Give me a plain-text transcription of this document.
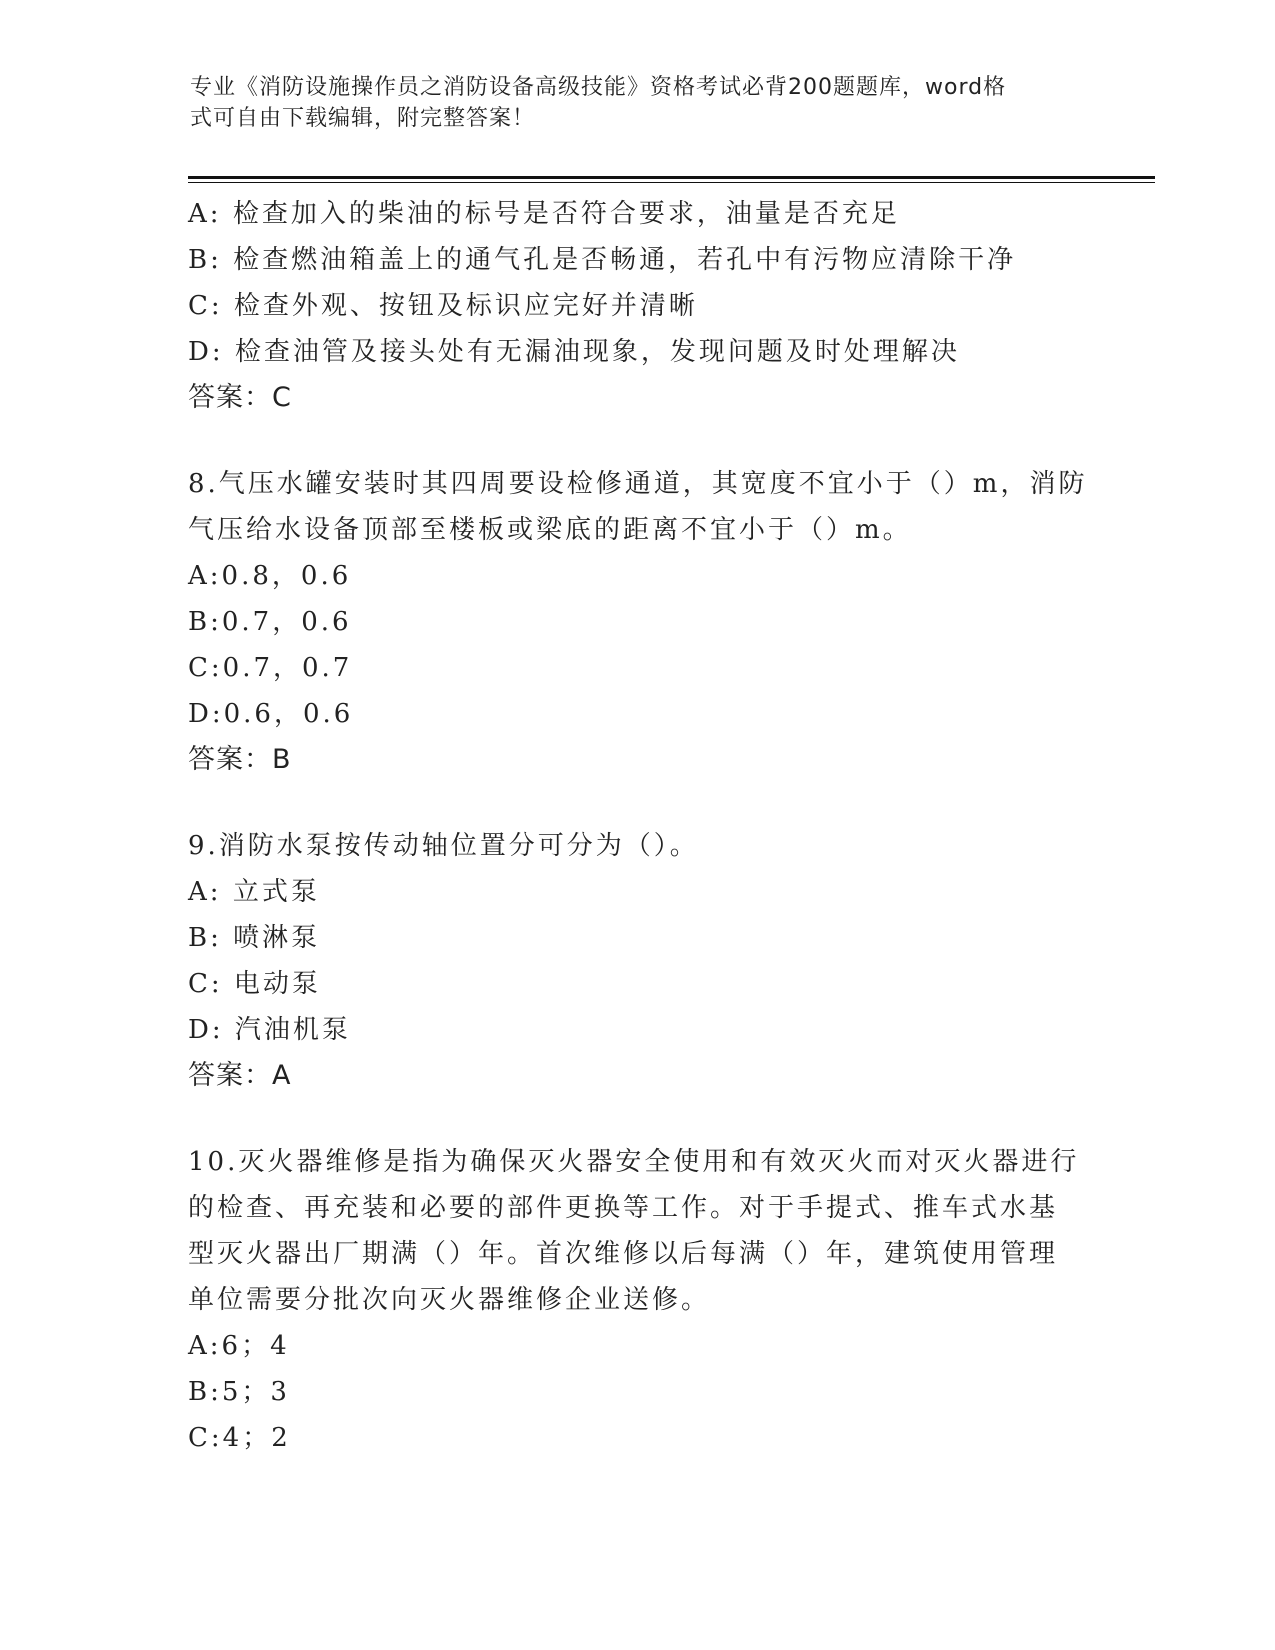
专业《消防设施操作员之消防设备高级技能》资格考试必背200题题库，word格
式可自由下载编辑，附完整答案！
A: 检查加入的柴油的标号是否符合要求，油量是否充足
B: 检查燃油箱盖上的通气孔是否畅通，若孔中有污物应清除干净
C: 检查外观、按钮及标识应完好并清晰
D: 检查油管及接头处有无漏油现象，发现问题及时处理解决
答案：C
8.气压水罐安装时其四周要设检修通道，其宽度不宜小于（）m，消防
气压给水设备顶部至楼板或梁底的距离不宜小于（）m。
A:0.8，0.6
B:0.7，0.6
C:0.7，0.7
D:0.6，0.6
答案：B
9.消防水泵按传动轴位置分可分为（）。
A: 立式泵
B: 喷淋泵
C: 电动泵
D: 汽油机泵
答案：A
10.灭火器维修是指为确保灭火器安全使用和有效灭火而对灭火器进行
的检查、再充装和必要的部件更换等工作。对于手提式、推车式水基
型灭火器出厂期满（）年。首次维修以后每满（）年，建筑使用管理
单位需要分批次向灭火器维修企业送修。
A:6；4
B:5；3
C:4；2
